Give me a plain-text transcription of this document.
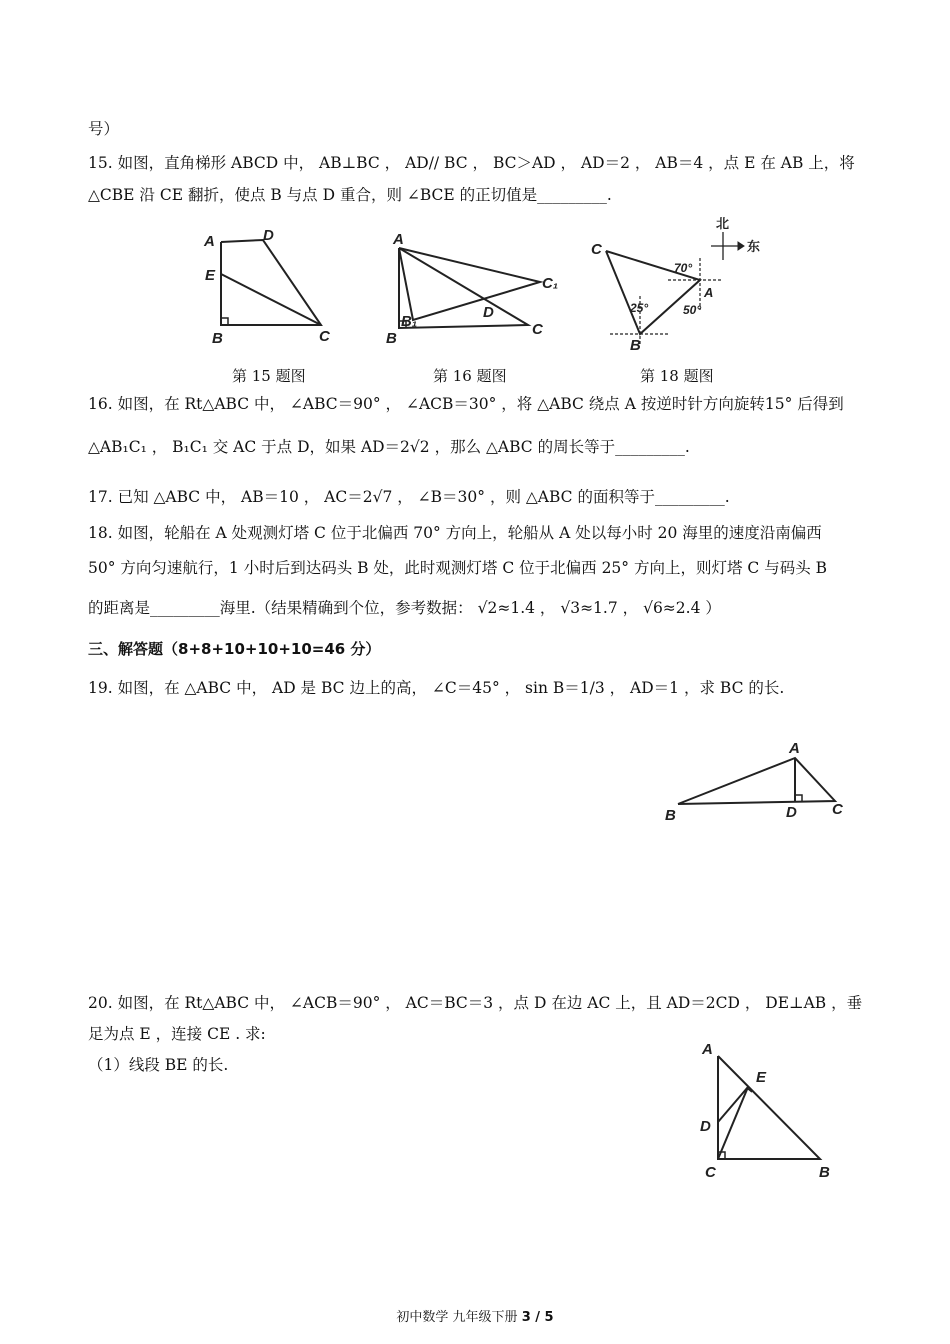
号）
15. 如图，直角梯形 ABCD 中， AB⊥BC ， AD// BC ， BC＞AD ， AD＝2 ， AB＝4 ，点 E 在 AB 上，将
△CBE 沿 CE 翻折，使点 B 与点 D 重合，则 ∠BCE 的正切值是_________.
A	D
E
B	C
A
B₁
D
C₁
C
B
C
A
B
70°
50°
25°
北
东
第 15 题图	第 16 题图	第 18 题图
16. 如图，在 Rt△ABC 中， ∠ABC＝90° ， ∠ACB＝30° ，将 △ABC 绕点 A 按逆时针方向旋转15° 后得到
△AB₁C₁ ， B₁C₁ 交 AC 于点 D，如果 AD＝2√2 ，那么 △ABC 的周长等于_________.
17. 已知 △ABC 中， AB＝10 ， AC＝2√7 ， ∠B＝30° ，则 △ABC 的面积等于_________.
18. 如图，轮船在 A 处观测灯塔 C 位于北偏西 70° 方向上，轮船从 A 处以每小时 20 海里的速度沿南偏西
50° 方向匀速航行，1 小时后到达码头 B 处，此时观测灯塔 C 位于北偏西 25° 方向上，则灯塔 C 与码头 B
的距离是_________海里.（结果精确到个位，参考数据： √2≈1.4 ， √3≈1.7 ， √6≈2.4 ）
三、解答题（8+8+10+10+10=46 分）
19. 如图，在 △ABC 中， AD 是 BC 边上的高， ∠C＝45° ， sin B＝1/3 ， AD＝1 ，求 BC 的长.
A
B	D C
20. 如图，在 Rt△ABC 中， ∠ACB＝90° ， AC＝BC＝3 ，点 D 在边 AC 上，且 AD＝2CD ， DE⊥AB ，垂
足为点 E ，连接 CE . 求:
（1）线段 BE 的长.
A
E
D
C	B
初中数学 九年级下册 3 / 5
